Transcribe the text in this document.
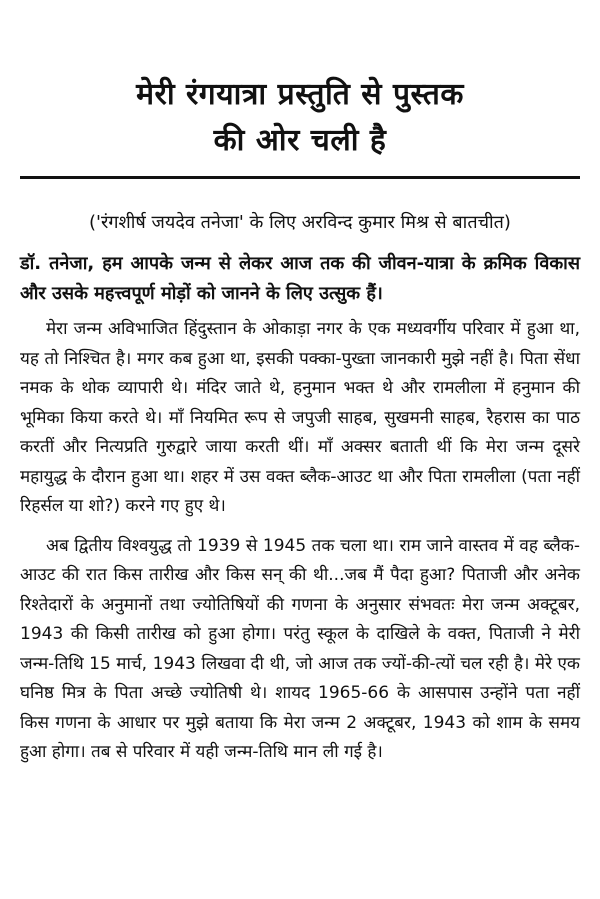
मेरी रंगयात्रा प्रस्तुति से पुस्तक
की ओर चली है

('रंगशीर्ष जयदेव तनेजा' के लिए अरविन्द कुमार मिश्र से बातचीत)

डॉ. तनेजा, हम आपके जन्म से लेकर आज तक की जीवन-यात्रा के क्रमिक विकास और उसके महत्त्वपूर्ण मोड़ों को जानने के लिए उत्सुक हैं।

मेरा जन्म अविभाजित हिंदुस्तान के ओकाड़ा नगर के एक मध्यवर्गीय परिवार में हुआ था, यह तो निश्चित है। मगर कब हुआ था, इसकी पक्का-पुख्ता जानकारी मुझे नहीं है। पिता सेंधा नमक के थोक व्यापारी थे। मंदिर जाते थे, हनुमान भक्त थे और रामलीला में हनुमान की भूमिका किया करते थे। माँ नियमित रूप से जपुजी साहब, सुखमनी साहब, रैहरास का पाठ करतीं और नित्यप्रति गुरुद्वारे जाया करती थीं। माँ अक्सर बताती थीं कि मेरा जन्म दूसरे महायुद्ध के दौरान हुआ था। शहर में उस वक्त ब्लैक-आउट था और पिता रामलीला (पता नहीं रिहर्सल या शो?) करने गए हुए थे।

अब द्वितीय विश्वयुद्ध तो 1939 से 1945 तक चला था। राम जाने वास्तव में वह ब्लैक-आउट की रात किस तारीख और किस सन् की थी...जब मैं पैदा हुआ? पिताजी और अनेक रिश्तेदारों के अनुमानों तथा ज्योतिषियों की गणना के अनुसार संभवतः मेरा जन्म अक्टूबर, 1943 की किसी तारीख को हुआ होगा। परंतु स्कूल के दाखिले के वक्त, पिताजी ने मेरी जन्म-तिथि 15 मार्च, 1943 लिखवा दी थी, जो आज तक ज्यों-की-त्यों चल रही है। मेरे एक घनिष्ठ मित्र के पिता अच्छे ज्योतिषी थे। शायद 1965-66 के आसपास उन्होंने पता नहीं किस गणना के आधार पर मुझे बताया कि मेरा जन्म 2 अक्टूबर, 1943 को शाम के समय हुआ होगा। तब से परिवार में यही जन्म-तिथि मान ली गई है।
